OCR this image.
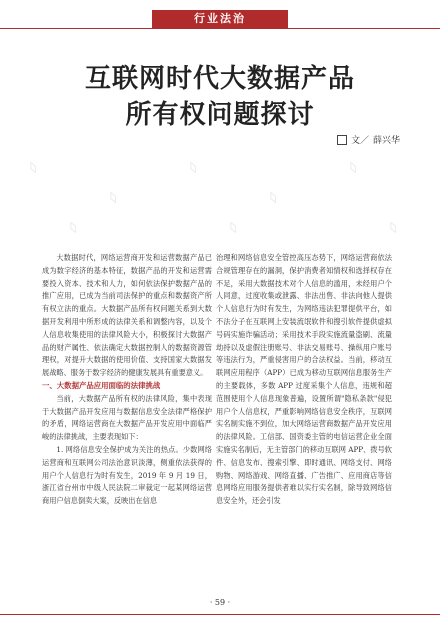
行业法治
互联网时代大数据产品
所有权问题探讨
文／ 薛兴华
◊
◊
◊
◊
◊
◊	◊	◊

大数据时代，网络运营商开发和运营数据产品已成为数字经济的基本特征，数据产品的开发和运营需要投入资本、技术和人力，如何依法保护数据产品的推广应用，已成为当前司法保护的重点和数据资产所有权立法的重点。大数据产品所有权问题关系到大数据开发利用中所形成的法律关系和调整内容，以及个人信息收集使用的法律风险大小，积极探讨大数据产品的财产属性、依法确定大数据控制人的数据资源管理权，对提升大数据的使用价值、支持国家大数据发展战略、服务于数字经济的健康发展具有重要意义。

一、大数据产品应用面临的法律挑战

当前，大数据产品所有权的法律风险，集中表现于大数据产品开发应用与数据信息安全法律严格保护的矛盾，网络运营商在大数据产品开发应用中面临严峻的法律挑战，主要表现如下：

1. 网络信息安全保护成为关注的热点。少数网络运营商和互联网公司法治意识淡薄，侧重依法获得的用户个人信息行为时有发生，2019 年 9 月 19 日，浙江省台州市中级人民法院二审裁定一起某网络运营商用户信息倒卖大案，反映出在信息

治理和网络信息安全管控高压态势下，网络运营商依法合规管理存在的漏洞，保护消费者知情权和选择权存在不足，采用大数据技术对个人信息的滥用，未经用户个人同意，过度收集或泄露、非法出售、非法向他人提供个人信息行为时有发生，为网络违法犯罪提供平台，如不法分子在互联网上安装流氓软件和搜引软件提供虚拟号码实施诈骗活动；采用技术手段实施流量盗刷、流量劫持以及虚假注册账号、非法交易账号、操纵用户账号等违法行为，严重侵害用户的合法权益。当前，移动互联网应用程序（APP）已成为移动互联网信息服务生产的主要载体，多数 APP 过度采集个人信息，违规和超范围使用个人信息现象普遍，设置所谓"隐私条款"侵犯用户个人信息权，严重影响网络信息安全秩序，互联网实名制实施不到位，加大网络运营商数据产品开发应用的法律风险。工信部、国资委主管的电信运营企业全面实施实名制后，无主管部门的移动互联网 APP、拨号软件、信息发布、搜索引擎、即时通讯、网络支付、网络购物、网络游戏、网络直播、广告推广、应用商店等信息网络应用服务提供者难以实行实名制，除导致网络信息安全外，还会引发

· 59 ·
